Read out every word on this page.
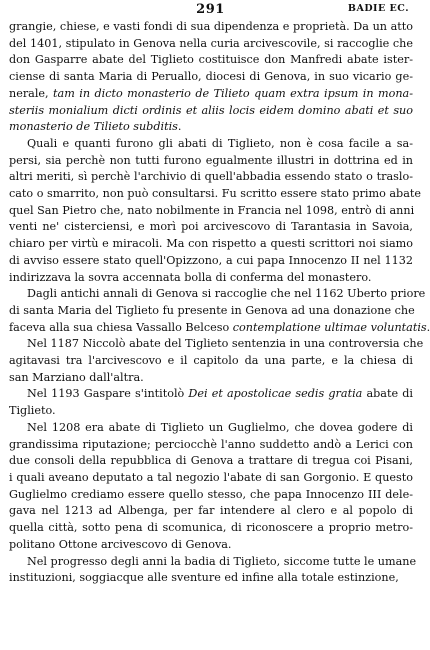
291	BADIE EC.
grangie, chiese, e vasti fondi di sua dipendenza e proprietà. Da un atto
del 1401, stipulato in Genova nella curia arcivescovile, si raccoglie che
don Gasparre abate del Tiglieto costituisce don Manfredi abate ister-
ciense di santa Maria di Peruallo, diocesi di Genova, in suo vicario ge-
nerale, tam in dicto monasterio de Tilieto quam extra ipsum in mona-
steriis monialium dicti ordinis et aliis locis eidem domino abati et suo
monasterio de Tilieto subditis.
Quali e quanti furono gli abati di Tiglieto, non è cosa facile a sa-
persi, sia perchè non tutti furono egualmente illustri in dottrina ed in
altri meriti, sì perchè l'archivio di quell'abbadia essendo stato o traslo-
cato o smarrito, non può consultarsi. Fu scritto essere stato primo abate
quel San Pietro che, nato nobilmente in Francia nel 1098, entrò di anni
venti ne' cisterciensi, e morì poi arcivescovo di Tarantasia in Savoia,
chiaro per virtù e miracoli. Ma con rispetto a questi scrittori noi siamo
di avviso essere stato quell'Opizzono, a cui papa Innocenzo II nel 1132
indirizzava la sovra accennata bolla di conferma del monastero.
Dagli antichi annali di Genova si raccoglie che nel 1162 Uberto priore
di santa Maria del Tiglieto fu presente in Genova ad una donazione che
faceva alla sua chiesa Vassallo Belceso contemplatione ultimae voluntatis.
Nel 1187 Niccolò abate del Tiglieto sentenzia in una controversia che
agitavasi tra l'arcivescovo e il capitolo da una parte, e la chiesa di
san Marziano dall'altra.
Nel 1193 Gaspare s'intitolò Dei et apostolicae sedis gratia abate di
Tiglieto.
Nel 1208 era abate di Tiglieto un Guglielmo, che dovea godere di
grandissima riputazione; perciocchè l'anno suddetto andò a Lerici con
due consoli della repubblica di Genova a trattare di tregua coi Pisani,
i quali aveano deputato a tal negozio l'abate di san Gorgonio. E questo
Guglielmo crediamo essere quello stesso, che papa Innocenzo III dele-
gava nel 1213 ad Albenga, per far intendere al clero e al popolo di
quella città, sotto pena di scomunica, di riconoscere a proprio metro-
politano Ottone arcivescovo di Genova.
Nel progresso degli anni la badia di Tiglieto, siccome tutte le umane
instituzioni, soggiacque alle sventure ed infine alla totale estinzione,
